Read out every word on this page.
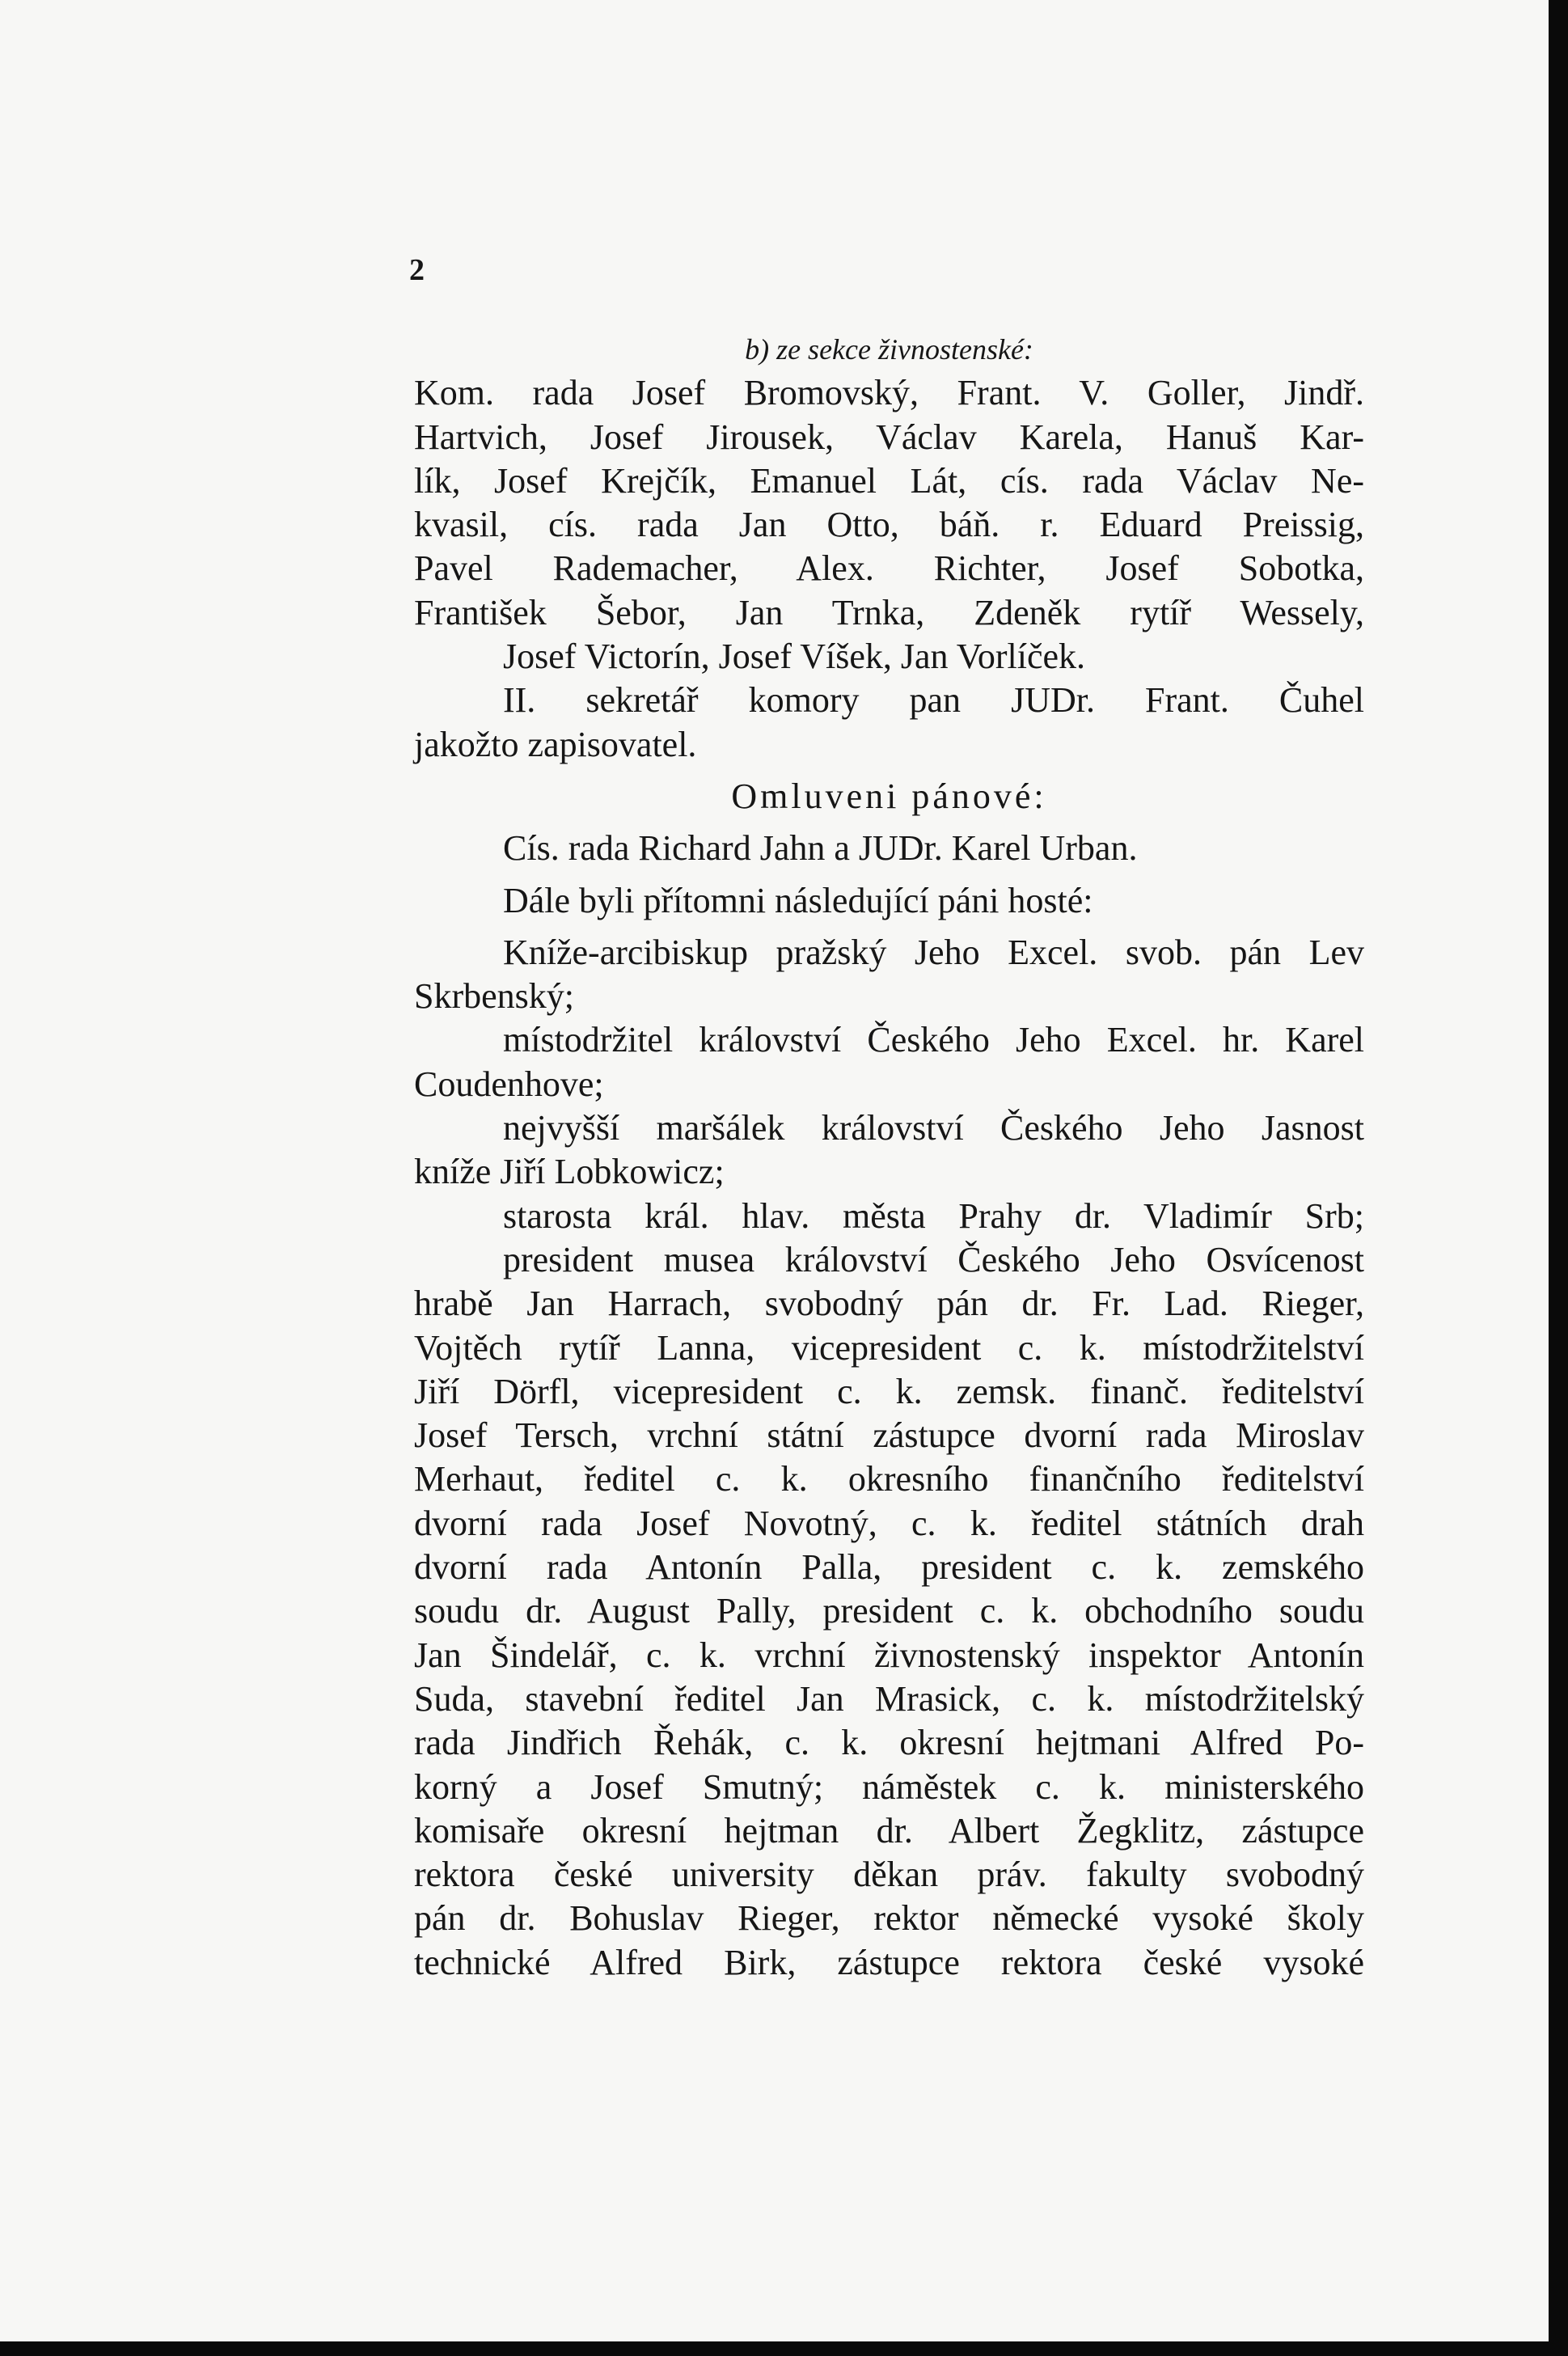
2
b) ze sekce živnostenské:
Kom. rada Josef Bromovský, Frant. V. Goller, Jindř.
Hartvich, Josef Jirousek, Václav Karela, Hanuš Kar-
lík, Josef Krejčík, Emanuel Lát, cís. rada Václav Ne-
kvasil, cís. rada Jan Otto, báň. r. Eduard Preissig,
Pavel Rademacher, Alex. Richter, Josef Sobotka,
František Šebor, Jan Trnka, Zdeněk rytíř Wessely,
Josef Victorín, Josef Víšek, Jan Vorlíček.
II. sekretář komory pan JUDr. Frant. Čuhel
jakožto zapisovatel.
Omluveni pánové:
Cís. rada Richard Jahn a JUDr. Karel Urban.
Dále byli přítomni následující páni hosté:
Kníže-arcibiskup pražský Jeho Excel. svob. pán Lev
Skrbenský;
místodržitel království Českého Jeho Excel. hr. Karel
Coudenhove;
nejvyšší maršálek království Českého Jeho Jasnost
kníže Jiří Lobkowicz;
starosta král. hlav. města Prahy dr. Vladimír Srb;
president musea království Českého Jeho Osvícenost
hrabě Jan Harrach, svobodný pán dr. Fr. Lad. Rieger,
Vojtěch rytíř Lanna, vicepresident c. k. místodržitelství
Jiří Dörfl, vicepresident c. k. zemsk. finanč. ředitelství
Josef Tersch, vrchní státní zástupce dvorní rada Miroslav
Merhaut, ředitel c. k. okresního finančního ředitelství
dvorní rada Josef Novotný, c. k. ředitel státních drah
dvorní rada Antonín Palla, president c. k. zemského
soudu dr. August Pally, president c. k. obchodního soudu
Jan Šindelář, c. k. vrchní živnostenský inspektor Antonín
Suda, stavební ředitel Jan Mrasick, c. k. místodržitelský
rada Jindřich Řehák, c. k. okresní hejtmani Alfred Po-
korný a Josef Smutný; náměstek c. k. ministerského
komisaře okresní hejtman dr. Albert Žegklitz, zástupce
rektora české university děkan práv. fakulty svobodný
pán dr. Bohuslav Rieger, rektor německé vysoké školy
technické Alfred Birk, zástupce rektora české vysoké
